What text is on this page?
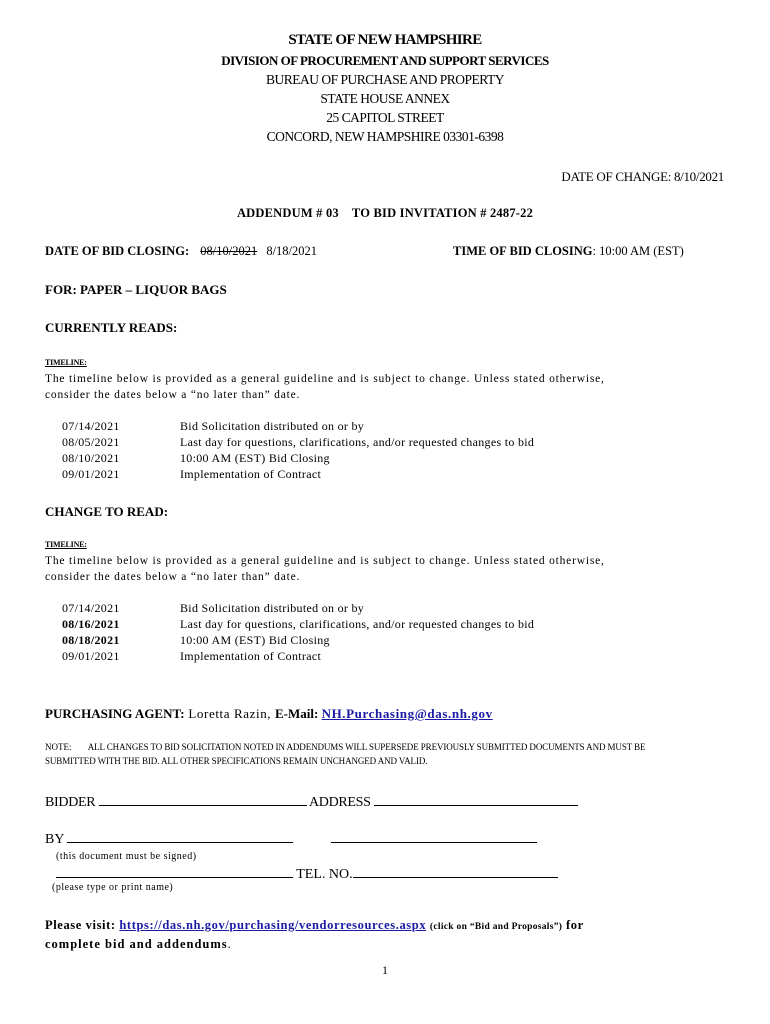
STATE OF NEW HAMPSHIRE
DIVISION OF PROCUREMENT AND SUPPORT SERVICES
BUREAU OF PURCHASE AND PROPERTY
STATE HOUSE ANNEX
25 CAPITOL STREET
CONCORD, NEW HAMPSHIRE 03301-6398
DATE OF CHANGE: 8/10/2021
ADDENDUM # 03    TO BID INVITATION # 2487-22
DATE OF BID CLOSING: 08/10/2021 8/18/2021	TIME OF BID CLOSING: 10:00 AM (EST)
FOR: PAPER – LIQUOR BAGS
CURRENTLY READS:
TIMELINE:
The timeline below is provided as a general guideline and is subject to change. Unless stated otherwise,
consider the dates below a “no later than” date.
07/14/2021	Bid Solicitation distributed on or by
08/05/2021	Last day for questions, clarifications, and/or requested changes to bid
08/10/2021	10:00 AM (EST) Bid Closing
09/01/2021	Implementation of Contract
CHANGE TO READ:
TIMELINE:
The timeline below is provided as a general guideline and is subject to change. Unless stated otherwise,
consider the dates below a “no later than” date.
07/14/2021	Bid Solicitation distributed on or by
08/16/2021	Last day for questions, clarifications, and/or requested changes to bid
08/18/2021	10:00 AM (EST) Bid Closing
09/01/2021	Implementation of Contract
PURCHASING AGENT: Loretta Razin, E-Mail: NH.Purchasing@das.nh.gov
NOTE: ALL CHANGES TO BID SOLICITATION NOTED IN ADDENDUMS WILL SUPERSEDE PREVIOUSLY SUBMITTED DOCUMENTS AND MUST BE
SUBMITTED WITH THE BID. ALL OTHER SPECIFICATIONS REMAIN UNCHANGED AND VALID.
BIDDER	ADDRESS
BY
(this document must be signed)
TEL. NO.
(please type or print name)
Please visit: https://das.nh.gov/purchasing/vendorresources.aspx (click on “Bid and Proposals”) for
complete bid and addendums.
1
